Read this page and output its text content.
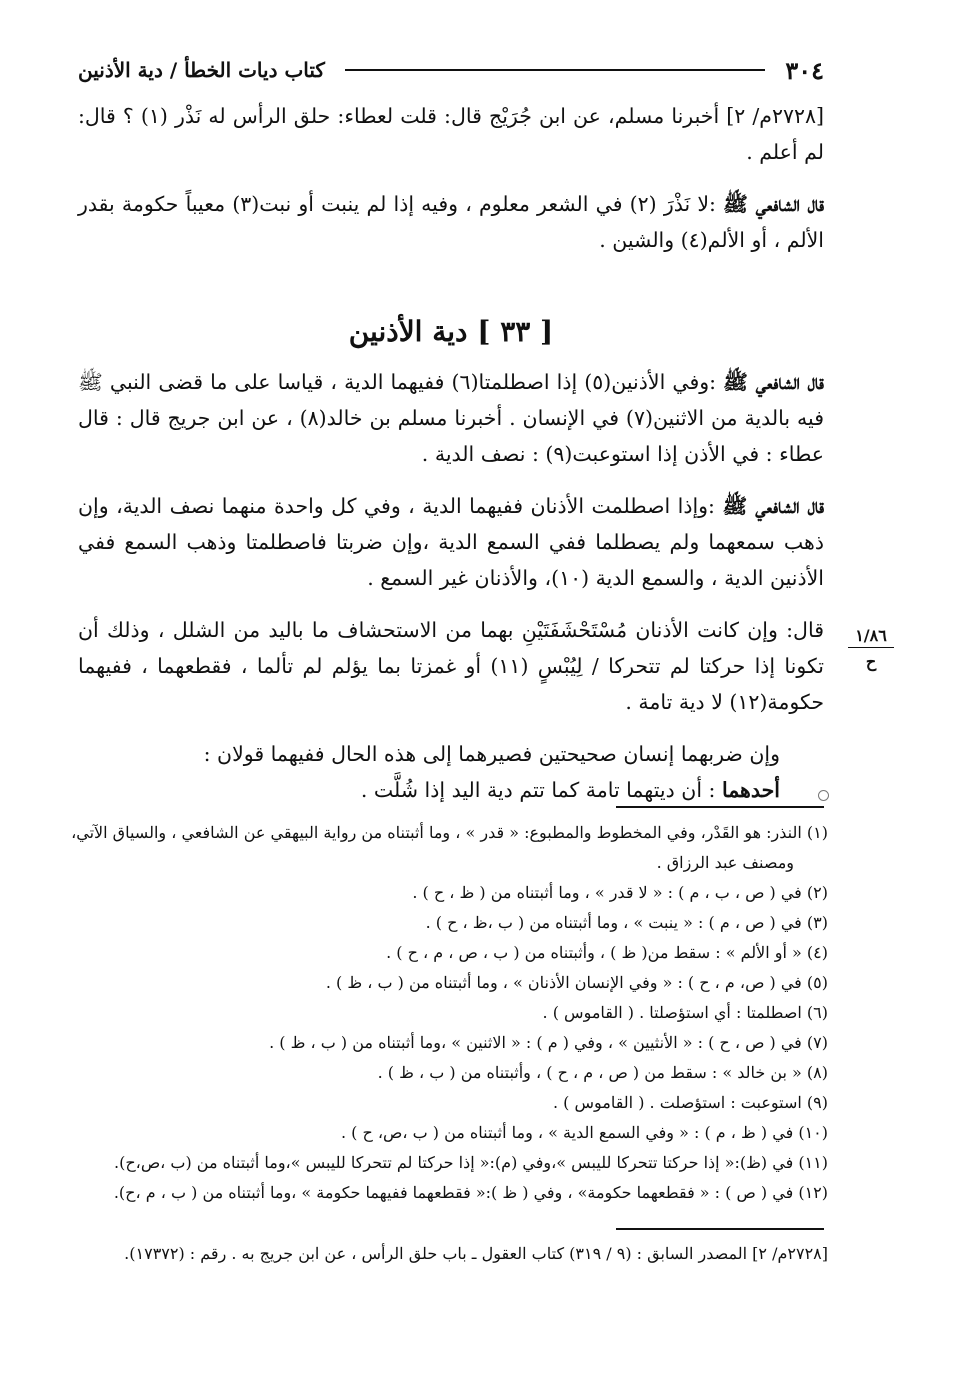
٣٠٤
كتاب ديات الخطأ / دية الأذنين

[٢٧٢٨م/ ٢] أخبرنا مسلم، عن ابن جُرَيْج قال: قلت لعطاء: حلق الرأس له نَذْر (١) ؟ قال: لم أعلم .

قال الشافعي ﷺ :لا نَذْرَ (٢) في الشعر معلوم ، وفيه إذا لم ينبت أو نبت(٣) معيباً حكومة بقدر الألم ، أو الألم(٤) والشين .

[ ٣٣ ] دية الأذنين

قال الشافعي ﷺ :وفي الأذنين(٥) إذا اصطلمتا(٦) ففيهما الدية ، قياسا على ما قضى النبي ﷺ فيه بالدية من الاثنين(٧) في الإنسان . أخبرنا مسلم بن خالد(٨) ، عن ابن جريج قال : قال عطاء : في الأذن إذا استوعبت(٩) : نصف الدية .

قال الشافعي ﷺ :وإذا اصطلمت الأذنان ففيهما الدية ، وفي كل واحدة منهما نصف الدية، وإن ذهب سمعهما ولم يصطلما ففي السمع الدية ،وإن ضربتا فاصطلمتا وذهب السمع ففي الأذنين الدية ، والسمع الدية (١٠)، والأذنان غير السمع .

قال: وإن كانت الأذنان مُسْتَحْشَفَتَيْنِ بهما من الاستحشاف ما باليد من الشلل ، وذلك أن تكونا إذا حركتا لم تتحركا / لِيُبْسٍ (١١) أو غمزتا بما يؤلم لم تألما ، فقطعهما ، ففيهما حكومة(١٢) لا دية تامة .

وإن ضربهما إنسان صحيحتين فصيرهما إلى هذه الحال ففيهما قولان :

أحدهما : أن ديتهما تامة كما تتم دية اليد إذا شُلَّت .

١/٨٦
ح
(١) النذر: هو القَدْر، وفي المخطوط والمطبوع: « قدر » ، وما أثبتناه من رواية البيهقي عن الشافعي ، والسياق الآتي،
ومصنف عبد الرزاق .
(٢) في ( ص ، ب ، م ) : « لا قدر » ، وما أثبتناه من ( ظ ، ح ) .
(٣) في ( ص ، م ) : « ينبت » ، وما أثبتناه من ( ب ،ظ ، ح ) .
(٤) « أو الألم » : سقط من( ظ ) ، وأثبتناه من ( ب ، ص ، م ، ح ) .
(٥) في ( ص، م ، ح ) : « وفي الإنسان الأذنان » ، وما أثبتناه من ( ب ، ظ ) .
(٦) اصطلمتا : أي استؤصلتا . ( القاموس ) .
(٧) في ( ص ، ح ) : « الأنثيين » ، وفي ( م ) : « الاثنين » ،وما أثبتناه من ( ب ، ظ ) .
(٨) « بن خالد » : سقط من ( ص ، م ، ح ) ، وأثبتناه من ( ب ، ظ ) .
(٩) استوعبت : استؤصلت . ( القاموس ) .
(١٠) في ( ظ ، م ) : « وفي السمع الدية » ، وما أثبتناه من ( ب ،ص، ح ) .
(١١) في (ظ):« إذا حركتا تتحركا لليبس »،وفي (م):« إذا حركتا لم تتحركا لليبس »،وما أثبتناه من (ب ،ص،ح).
(١٢) في ( ص ) : « فقطعهما حكومة» ، وفي ( ظ ):« فقطعهما ففيهما حكومة » ،وما أثبتناه من ( ب ، م ،ح).
[٢٧٢٨م/ ٢] المصدر السابق : (٩ / ٣١٩) كتاب العقول ـ باب حلق الرأس ، عن ابن جريج به . رقم : (١٧٣٧٢).
